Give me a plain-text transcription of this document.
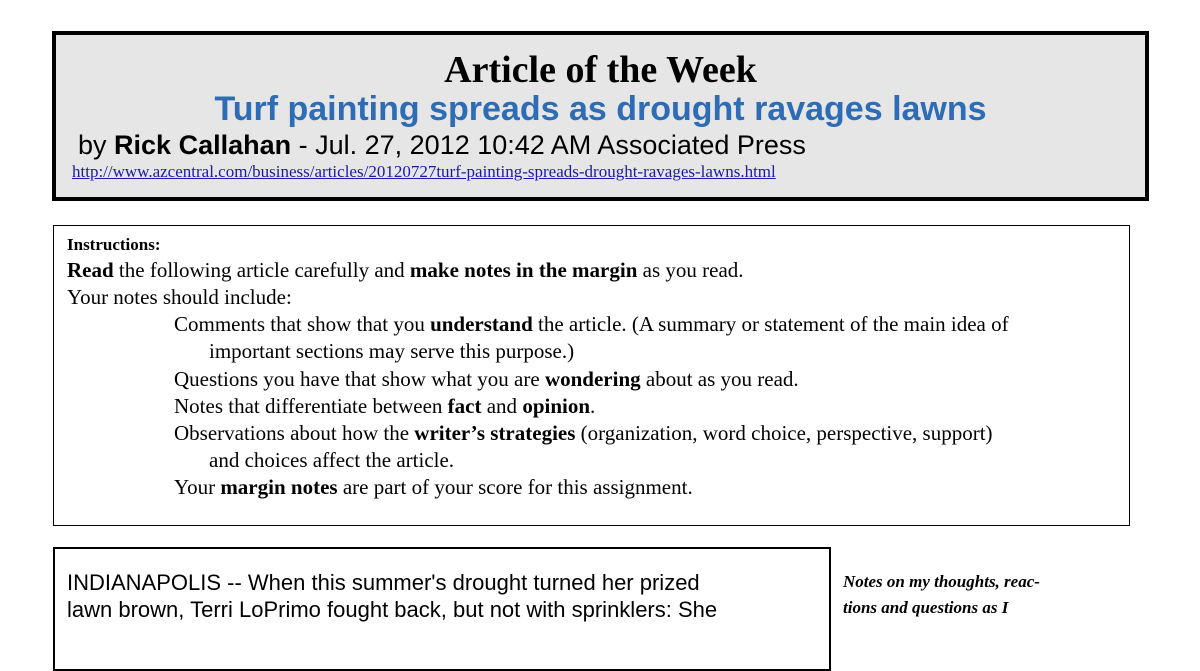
Article of the Week
Turf painting spreads as drought ravages lawns
by Rick Callahan - Jul. 27, 2012 10:42 AM Associated Press
http://www.azcentral.com/business/articles/20120727turf-painting-spreads-drought-ravages-lawns.html
Instructions:
Read the following article carefully and make notes in the margin as you read.
Your notes should include:
Comments that show that you understand the article. (A summary or statement of the main idea of
important sections may serve this purpose.)
Questions you have that show what you are wondering about as you read.
Notes that differentiate between fact and opinion.
Observations about how the writer’s strategies (organization, word choice, perspective, support)
and choices affect the article.
Your margin notes are part of your score for this assignment.
INDIANAPOLIS -- When this summer's drought turned her prized
lawn brown, Terri LoPrimo fought back, but not with sprinklers: She
Notes on my thoughts, reac-
tions and questions as I
